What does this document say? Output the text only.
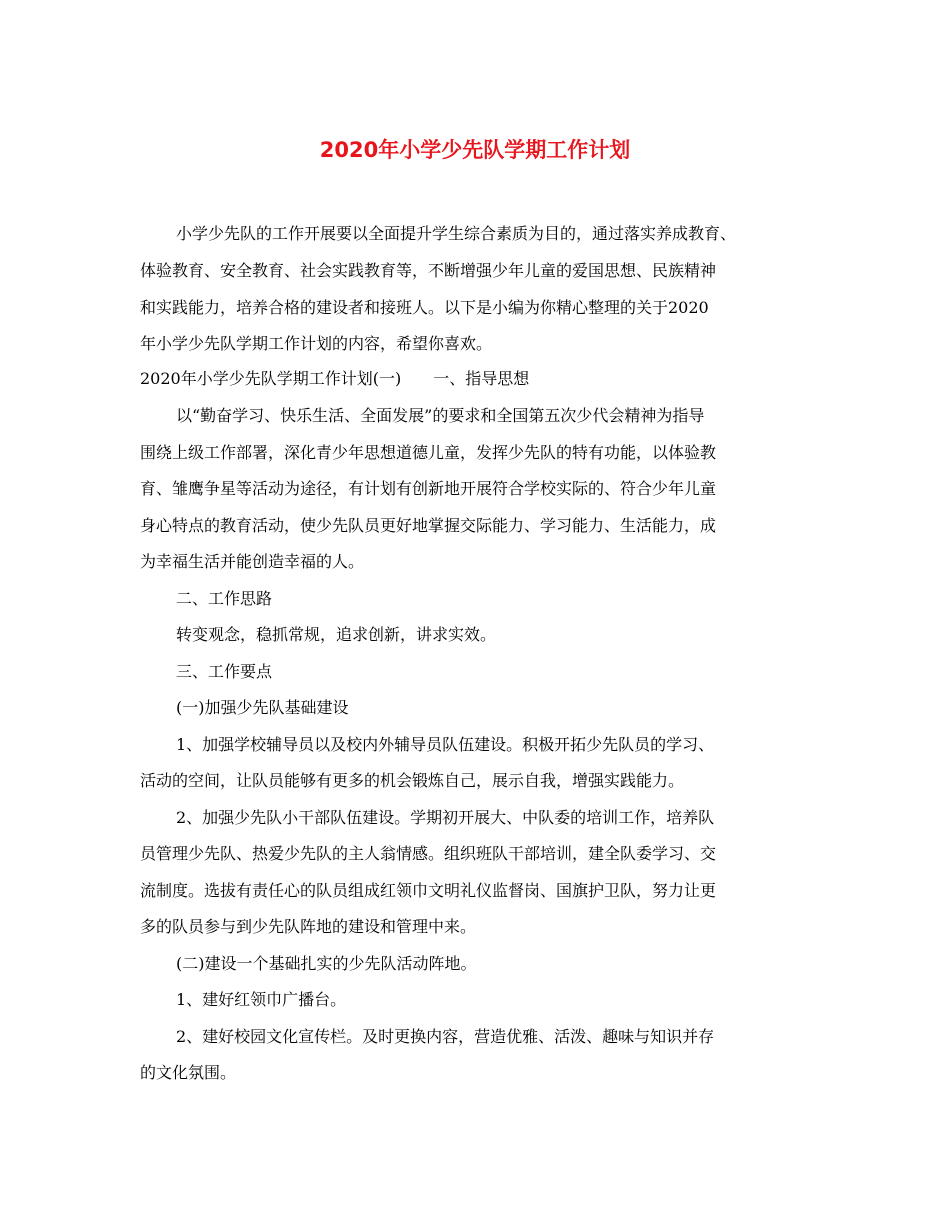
2020年小学少先队学期工作计划
小学少先队的工作开展要以全面提升学生综合素质为目的，通过落实养成教育、
体验教育、安全教育、社会实践教育等，不断增强少年儿童的爱国思想、民族精神
和实践能力，培养合格的建设者和接班人。以下是小编为你精心整理的关于2020
年小学少先队学期工作计划的内容，希望你喜欢。
2020年小学少先队学期工作计划(一)　　一、指导思想
以“勤奋学习、快乐生活、全面发展”的要求和全国第五次少代会精神为指导
围绕上级工作部署，深化青少年思想道德儿童，发挥少先队的特有功能，以体验教
育、雏鹰争星等活动为途径，有计划有创新地开展符合学校实际的、符合少年儿童
身心特点的教育活动，使少先队员更好地掌握交际能力、学习能力、生活能力，成
为幸福生活并能创造幸福的人。
二、工作思路
转变观念，稳抓常规，追求创新，讲求实效。
三、工作要点
(一)加强少先队基础建设
1、加强学校辅导员以及校内外辅导员队伍建设。积极开拓少先队员的学习、
活动的空间，让队员能够有更多的机会锻炼自己，展示自我，增强实践能力。
2、加强少先队小干部队伍建设。学期初开展大、中队委的培训工作，培养队
员管理少先队、热爱少先队的主人翁情感。组织班队干部培训，建全队委学习、交
流制度。选拔有责任心的队员组成红领巾文明礼仪监督岗、国旗护卫队，努力让更
多的队员参与到少先队阵地的建设和管理中来。
(二)建设一个基础扎实的少先队活动阵地。
1、建好红领巾广播台。
2、建好校园文化宣传栏。及时更换内容，营造优雅、活泼、趣味与知识并存
的文化氛围。
